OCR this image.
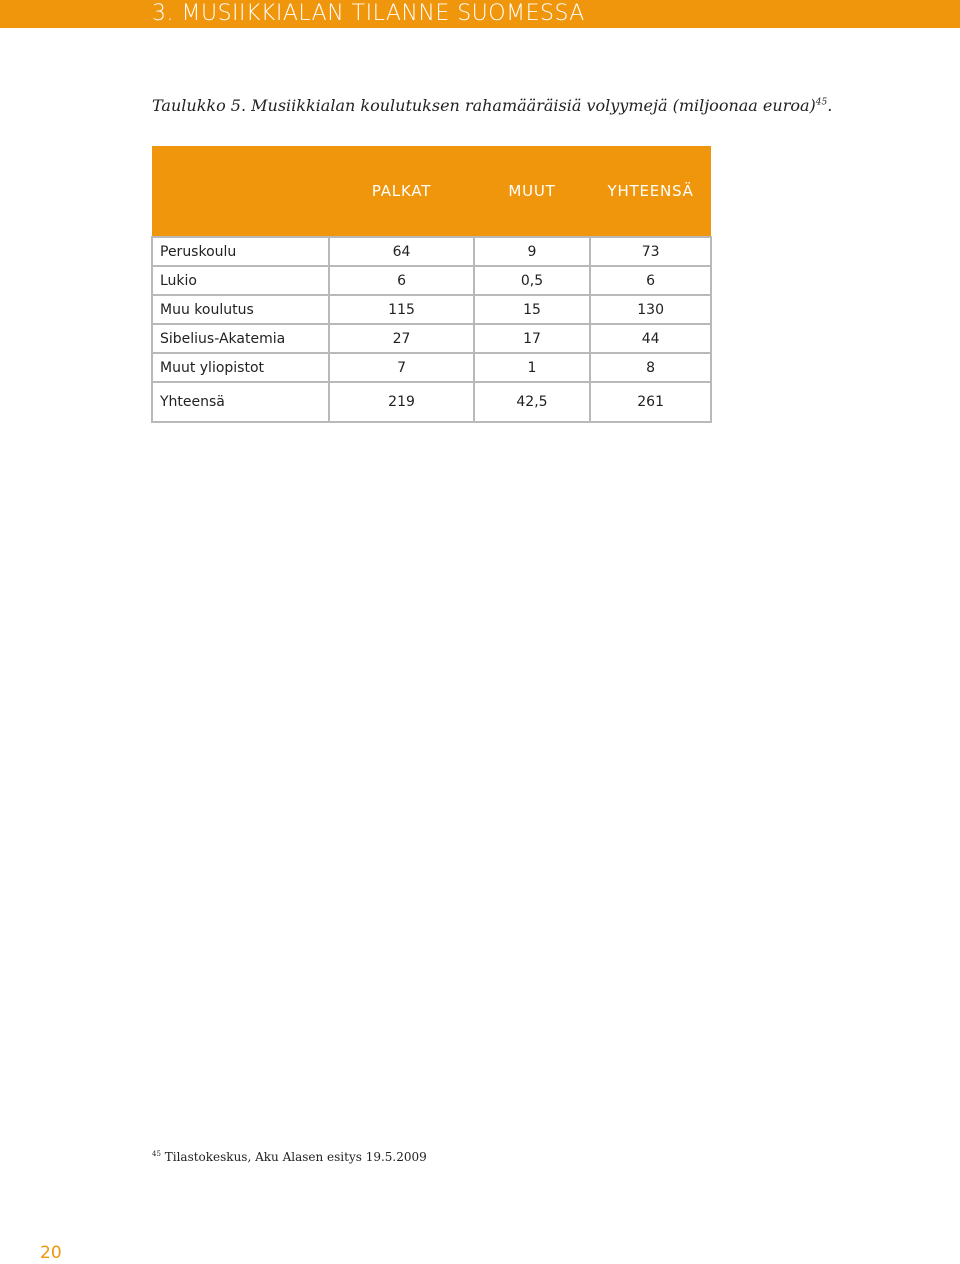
3. MUSIIKKIALAN TILANNE SUOMESSA
Taulukko 5. Musiikkialan koulutuksen rahamääräisiä volyymejä (miljoonaa euroa)$^{45}$.
	PALKAT	MUUT	YHTEENSÄ
Peruskoulu	64	9	73
Lukio	6	0,5	6
Muu koulutus	115	15	130
Sibelius-Akatemia	27	17	44
Muut yliopistot	7	1	8
Yhteensä	219	42,5	261
$^{45}$ Tilastokeskus, Aku Alasen esitys 19.5.2009
20
